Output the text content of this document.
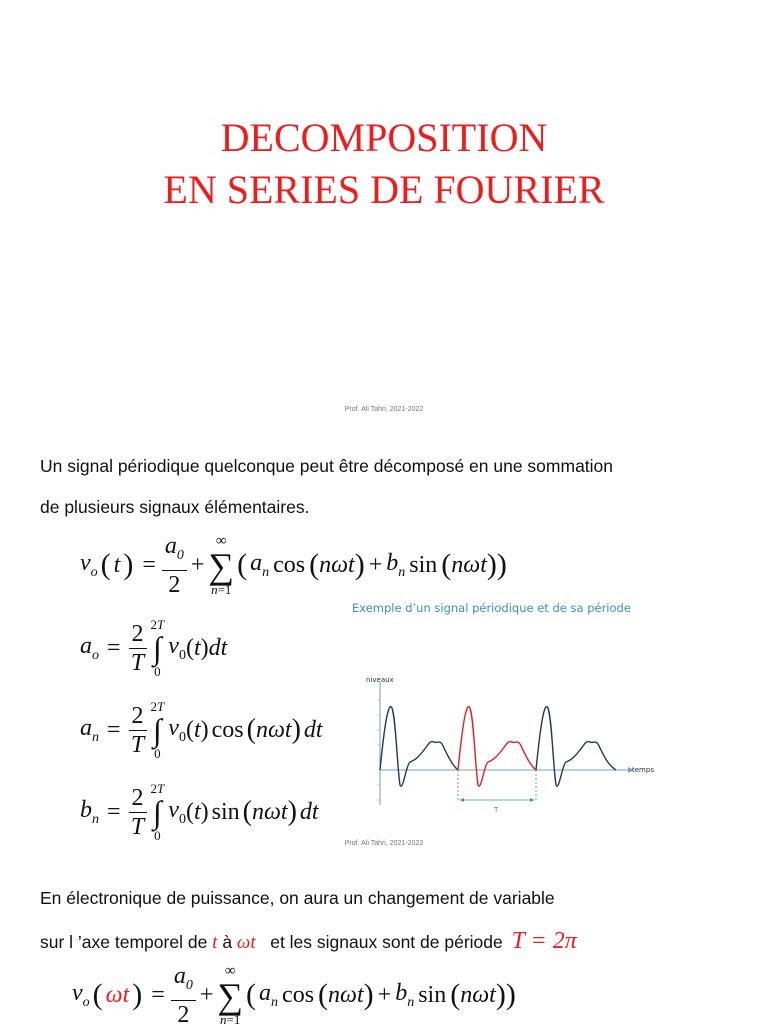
DECOMPOSITION
EN SERIES DE FOURIER
Prof. Ali Tahri, 2021-2022
Un signal périodique quelconque peut être décomposé en une sommation
de plusieurs signaux élémentaires.
$v_o$ ( t ) = $\frac{a_0}{2}$ +
∞
∑
n=1
( $a_n$ cos ( nωt ) + $b_n$ sin ( nωt ) )
$a_o = \frac{2}{T} 2T$
∫
0
$v_0$ ( t ) dt
$a_n = \frac{2}{T} 2T$
∫
0
$v_0$ ( t ) cos ( nωt ) dt
$b_n = \frac{2}{T} 2T$
∫
0
$v_0$ ( t ) sin ( nωt ) dt
Exemple d’un signal périodique et de sa période
niveaux
temps
T
Prof. Ali Tahri, 2021-2022
En électronique de puissance, on aura un changement de variable
sur l ’axe temporel de t à ωt et les signaux sont de période T = 2π
$v_o$ ( ωt ) = $\frac{a_0}{2}$ +
∞
∑
n=1
( $a_n$ cos ( nωt ) + $b_n$ sin ( nωt ) )
